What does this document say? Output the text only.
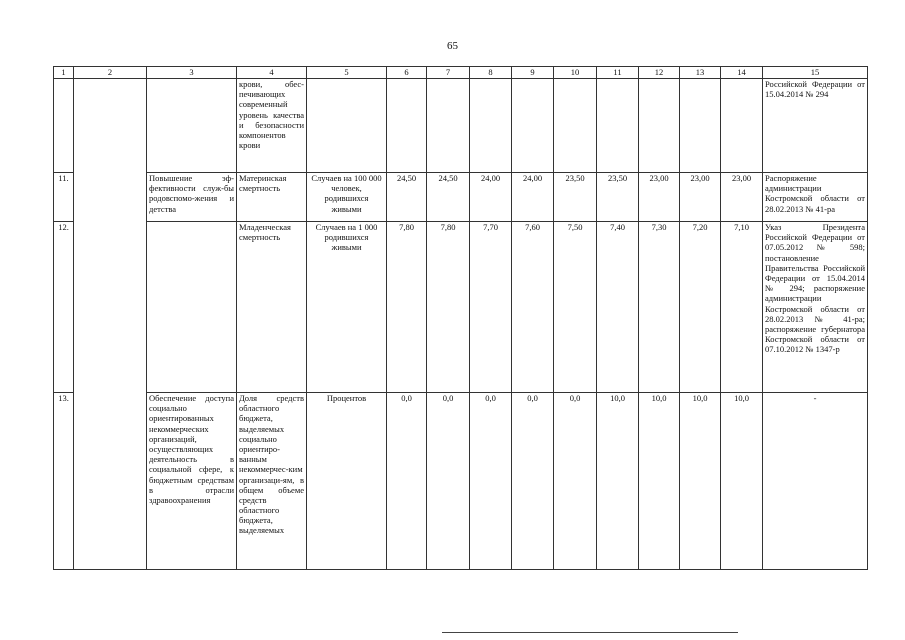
65
1	2	3	4	5	6	7	8	9	10	11	12	13	14	15
			крови, обес-печивающих современный уровень качества и безопасности компонентов крови											Российской Федерации от 15.04.2014 № 294
11.		Повышение эф-фективности служ-бы родовспомо-жения и детства	Материнская смертность	Случаев на 100 000 человек, родившихся живыми	24,50	24,50	24,00	24,00	23,50	23,50	23,00	23,00	23,00	Распоряжение администрации Костромской области от 28.02.2013 № 41-ра
12.			Младенческая смертность	Случаев на 1 000 родившихся живыми	7,80	7,80	7,70	7,60	7,50	7,40	7,30	7,20	7,10	Указ Президента Российской Федерации от 07.05.2012 № 598; постановление Правительства Российской Федерации от 15.04.2014 № 294; распоряжение администрации Костромской области от 28.02.2013 № 41-ра; распоряжение губернатора Костромской области от 07.10.2012 № 1347-р
13.		Обеспечение доступа социально ориентированных некоммерческих организаций, осуществляющих деятельность в социальной сфере, к бюджетным средствам в отрасли здравоохранения	Доля средств областного бюджета, выделяемых социально ориентиро-ванным некоммерчес-ким организаци-ям, в общем объеме средств областного бюджета, выделяемых	Процентов	0,0	0,0	0,0	0,0	0,0	10,0	10,0	10,0	10,0	-
